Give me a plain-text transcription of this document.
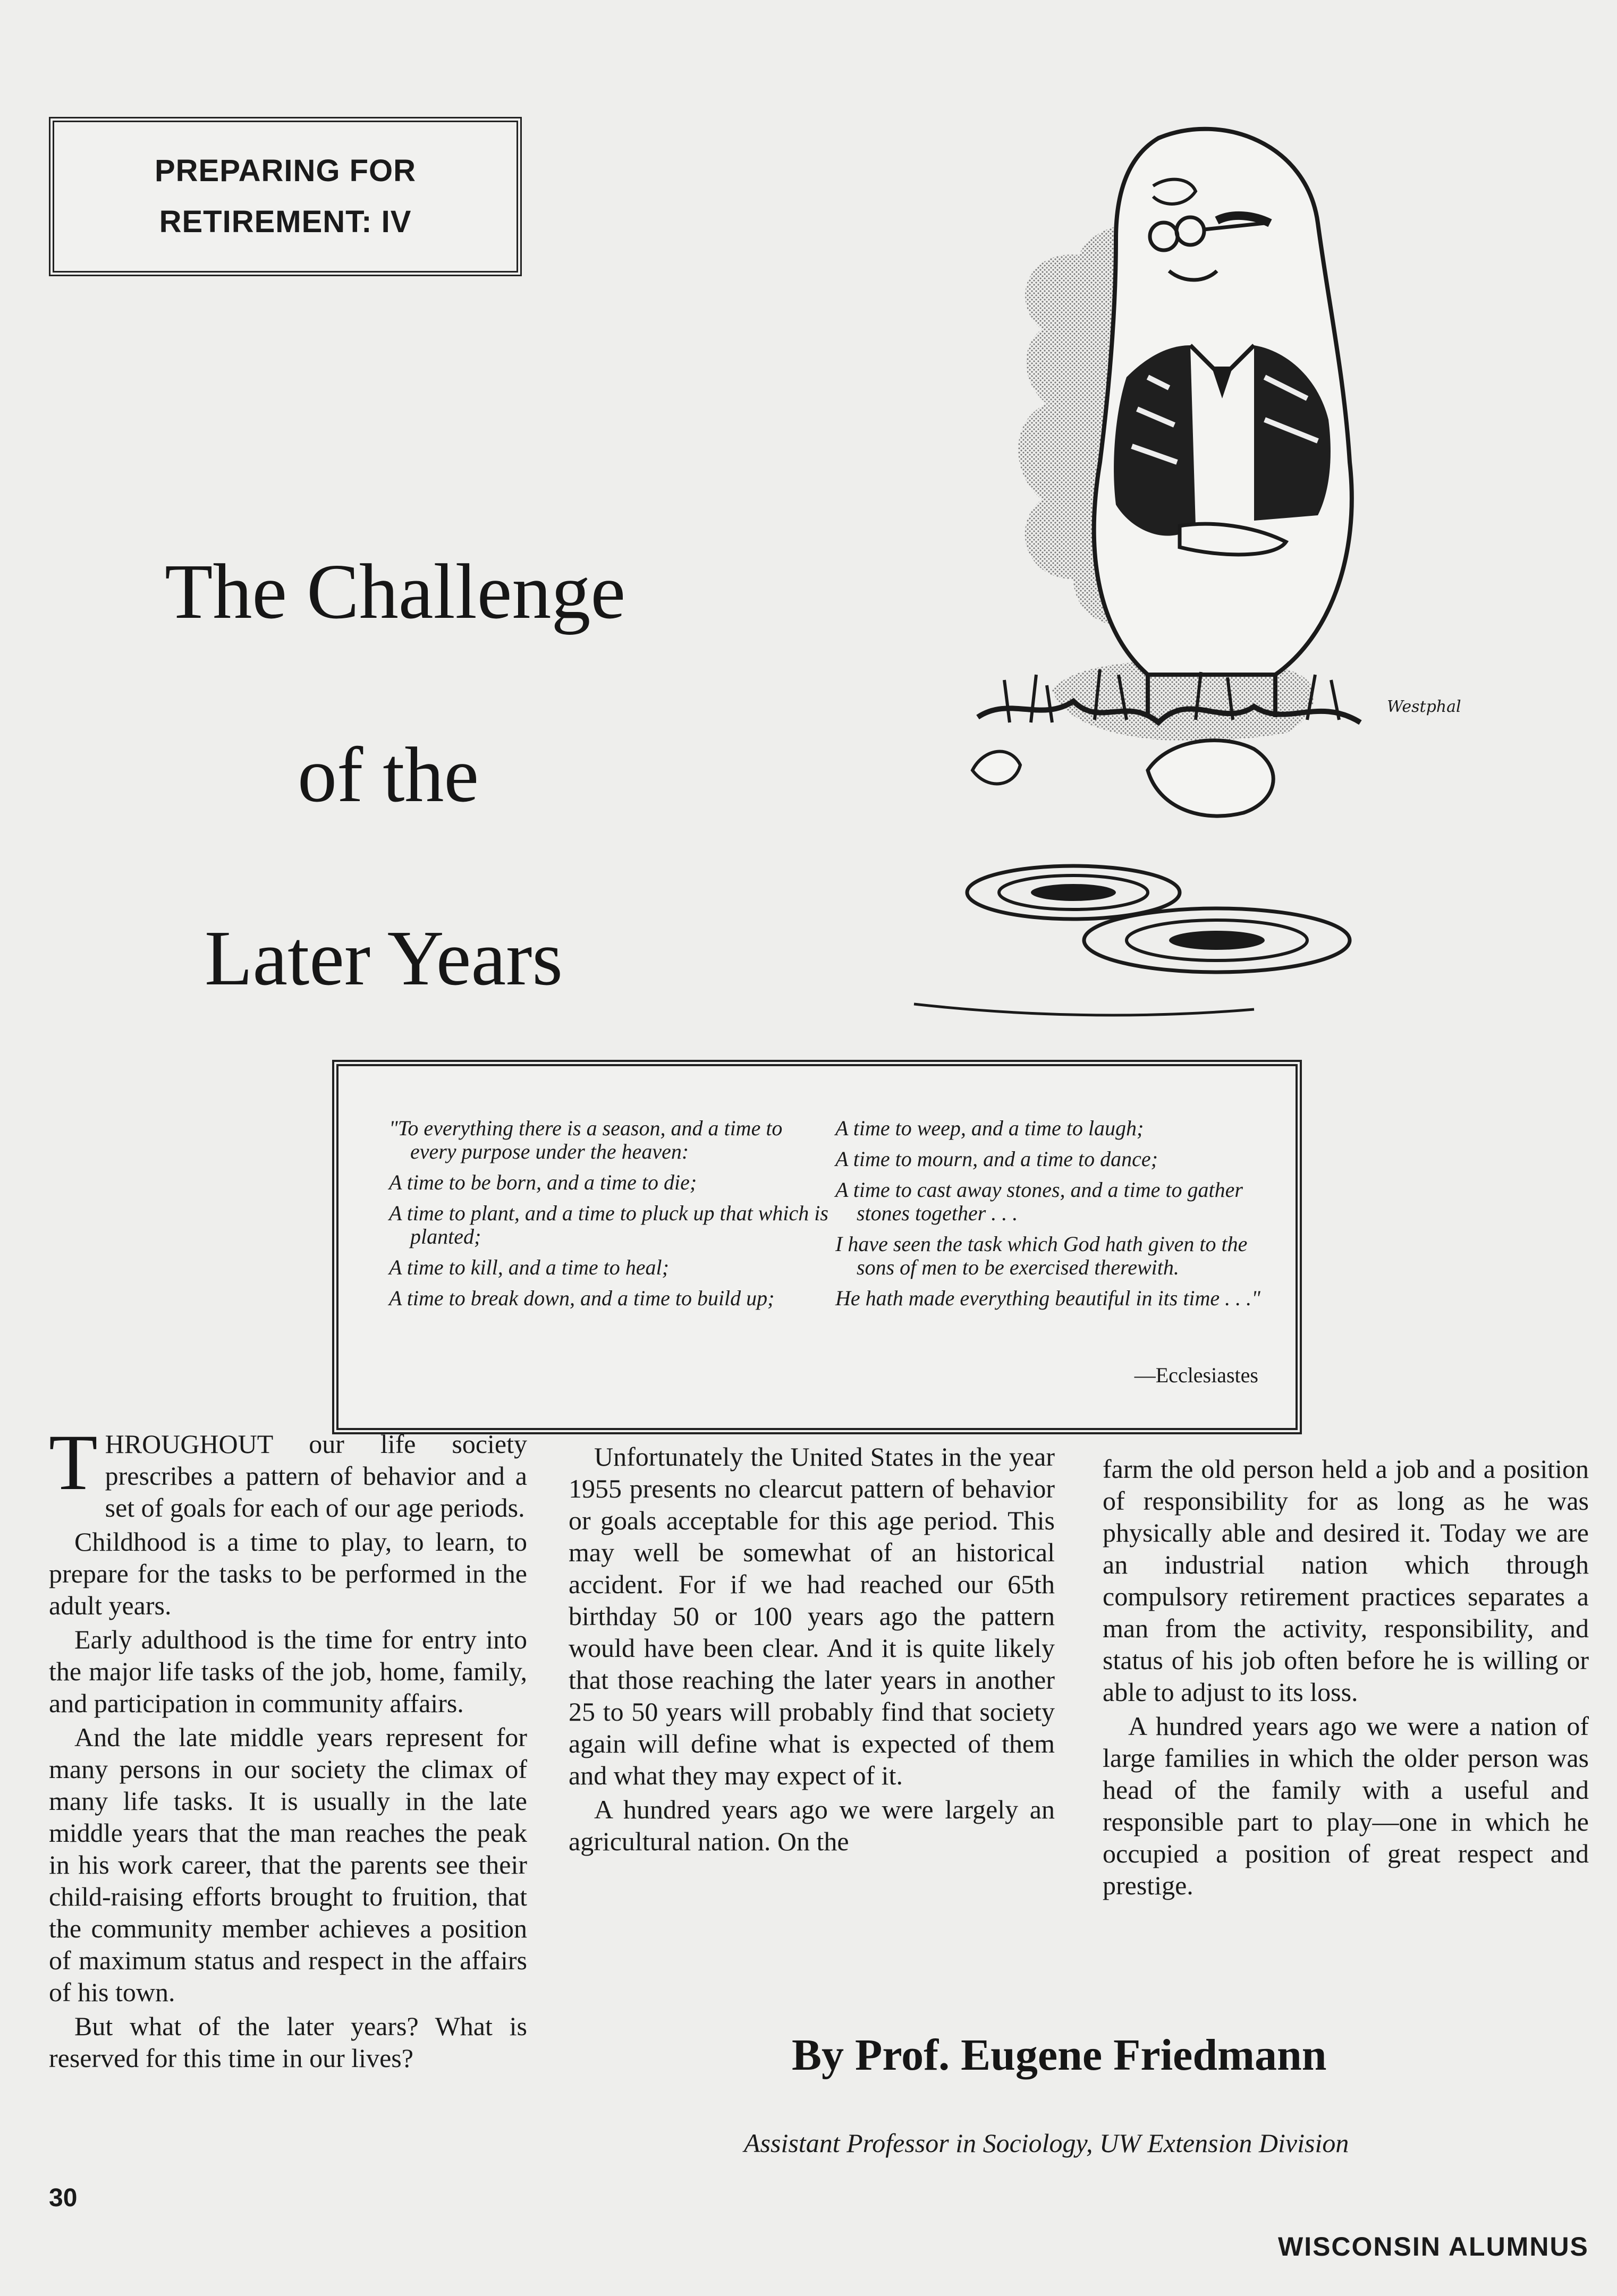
PREPARING FOR
RETIREMENT: IV
The Challenge
of the
Later Years
Westphal

"To everything there is a season, and a time to every purpose under the heaven:

A time to be born, and a time to die;

A time to plant, and a time to pluck up that which is planted;

A time to kill, and a time to heal;

A time to break down, and a time to build up;

A time to weep, and a time to laugh;

A time to mourn, and a time to dance;

A time to cast away stones, and a time to gather stones together . . .

I have seen the task which God hath given to the sons of men to be exercised therewith.

He hath made everything beautiful in its time . . ."

—Ecclesiastes

THROUGHOUT our life society prescribes a pattern of behavior and a set of goals for each of our age periods.

Childhood is a time to play, to learn, to prepare for the tasks to be performed in the adult years.

Early adulthood is the time for entry into the major life tasks of the job, home, family, and participation in community affairs.

And the late middle years represent for many persons in our society the climax of many life tasks. It is usually in the late middle years that the man reaches the peak in his work career, that the parents see their child-raising efforts brought to fruition, that the community member achieves a position of maximum status and respect in the affairs of his town.

But what of the later years? What is reserved for this time in our lives?

Unfortunately the United States in the year 1955 presents no clearcut pattern of behavior or goals acceptable for this age period. This may well be somewhat of an historical accident. For if we had reached our 65th birthday 50 or 100 years ago the pattern would have been clear. And it is quite likely that those reaching the later years in another 25 to 50 years will probably find that society again will define what is expected of them and what they may expect of it.

A hundred years ago we were largely an agricultural nation. On the

farm the old person held a job and a position of responsibility for as long as he was physically able and desired it. Today we are an industrial nation which through compulsory retirement practices separates a man from the activity, responsibility, and status of his job often before he is willing or able to adjust to its loss.

A hundred years ago we were a nation of large families in which the older person was head of the family with a useful and responsible part to play—one in which he occupied a position of great respect and prestige.

By Prof. Eugene Friedmann
Assistant Professor in Sociology, UW Extension Division
30
WISCONSIN ALUMNUS
